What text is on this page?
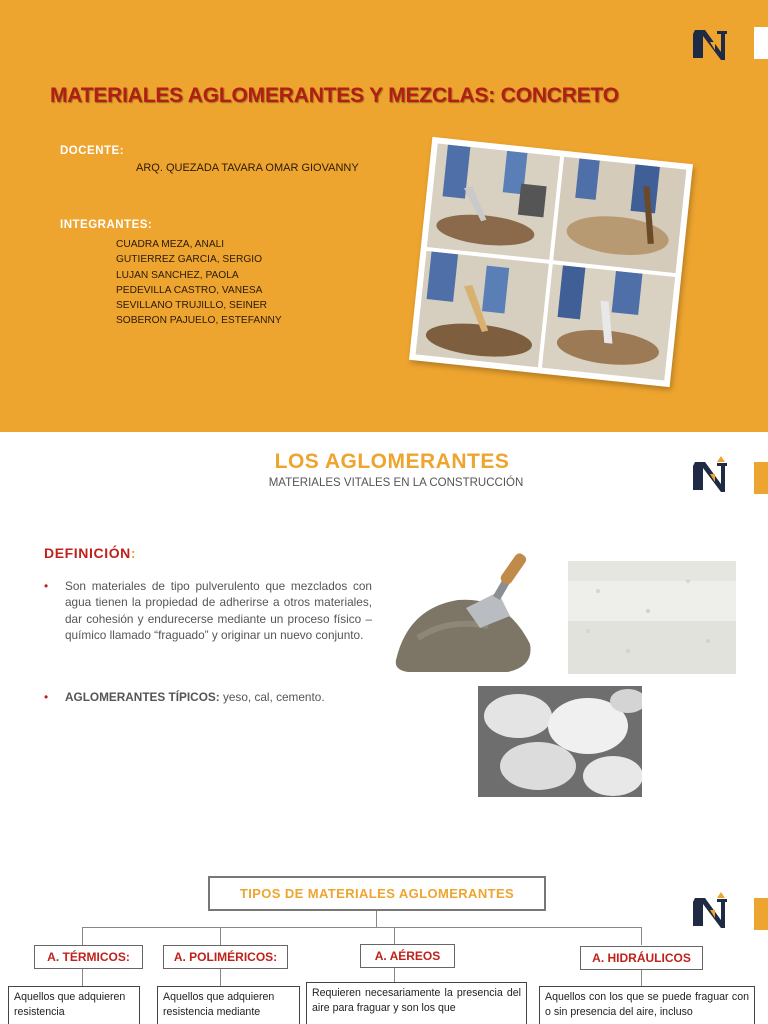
MATERIALES AGLOMERANTES Y MEZCLAS: CONCRETO
DOCENTE:
ARQ. QUEZADA TAVARA OMAR GIOVANNY
INTEGRANTES:
CUADRA MEZA, ANALI
GUTIERREZ GARCIA, SERGIO
LUJAN SANCHEZ, PAOLA
PEDEVILLA CASTRO, VANESA
SEVILLANO TRUJILLO, SEINER
SOBERON PAJUELO, ESTEFANNY
LOS AGLOMERANTES
MATERIALES VITALES EN LA CONSTRUCCIÓN
DEFINICIÓN:
• Son materiales de tipo pulverulento que mezclados con agua tienen la propiedad de adherirse a otros materiales, dar cohesión y endurecerse mediante un proceso físico – químico llamado “fraguado” y originar un nuevo conjunto.
• AGLOMERANTES TÍPICOS: yeso, cal, cemento.
TIPOS DE MATERIALES AGLOMERANTES
A. TÉRMICOS:	A. POLIMÉRICOS:	A. AÉREOS	A. HIDRÁULICOS
Aquellos que adquieren resistencia
Aquellos que adquieren resistencia mediante
Requieren necesariamente la presencia del aire para fraguar y son los que
Aquellos con los que se puede fraguar con o sin presencia del aire, incluso
